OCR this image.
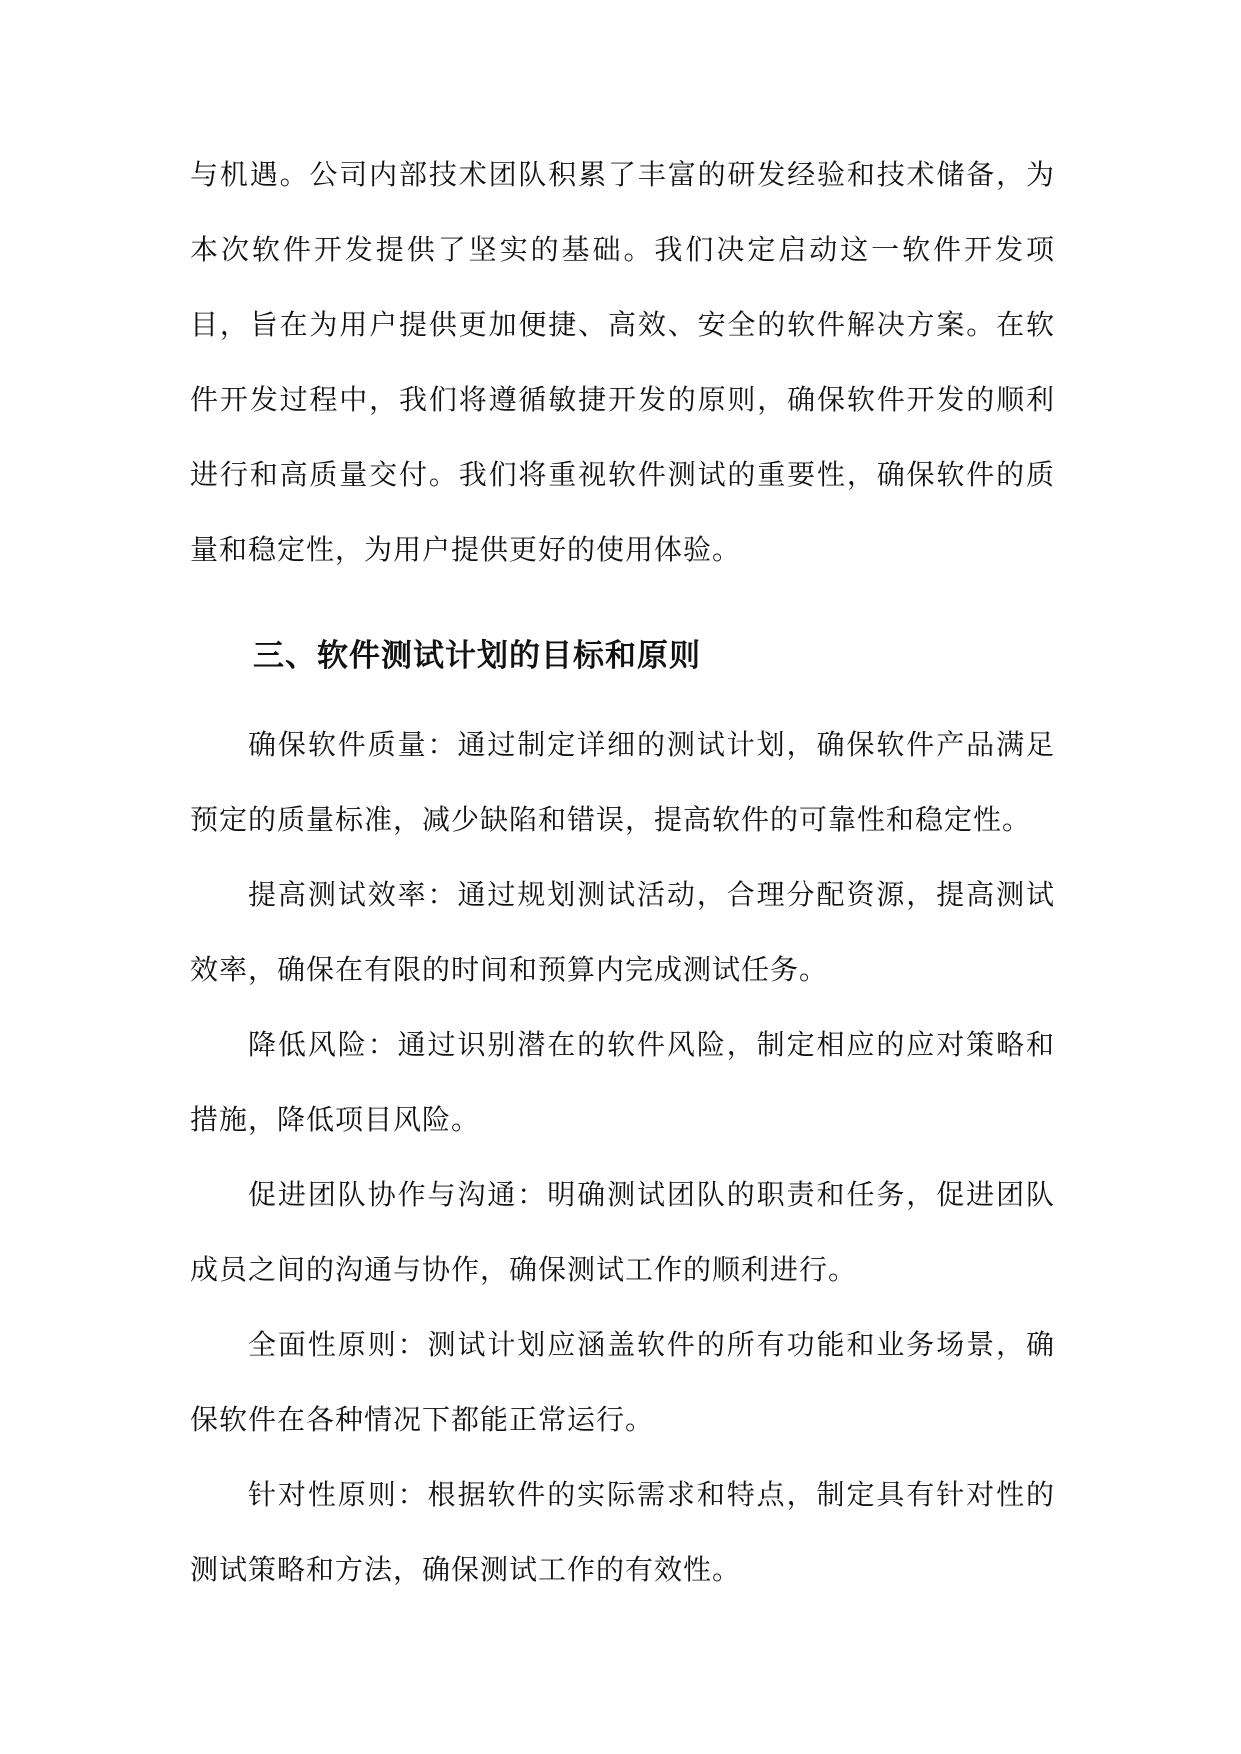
与机遇。公司内部技术团队积累了丰富的研发经验和技术储备，为本次软件开发提供了坚实的基础。我们决定启动这一软件开发项目，旨在为用户提供更加便捷、高效、安全的软件解决方案。在软件开发过程中，我们将遵循敏捷开发的原则，确保软件开发的顺利进行和高质量交付。我们将重视软件测试的重要性，确保软件的质量和稳定性，为用户提供更好的使用体验。

三、软件测试计划的目标和原则

确保软件质量：通过制定详细的测试计划，确保软件产品满足预定的质量标准，减少缺陷和错误，提高软件的可靠性和稳定性。

提高测试效率：通过规划测试活动，合理分配资源，提高测试效率，确保在有限的时间和预算内完成测试任务。

降低风险：通过识别潜在的软件风险，制定相应的应对策略和措施，降低项目风险。

促进团队协作与沟通：明确测试团队的职责和任务，促进团队成员之间的沟通与协作，确保测试工作的顺利进行。

全面性原则：测试计划应涵盖软件的所有功能和业务场景，确保软件在各种情况下都能正常运行。

针对性原则：根据软件的实际需求和特点，制定具有针对性的测试策略和方法，确保测试工作的有效性。
